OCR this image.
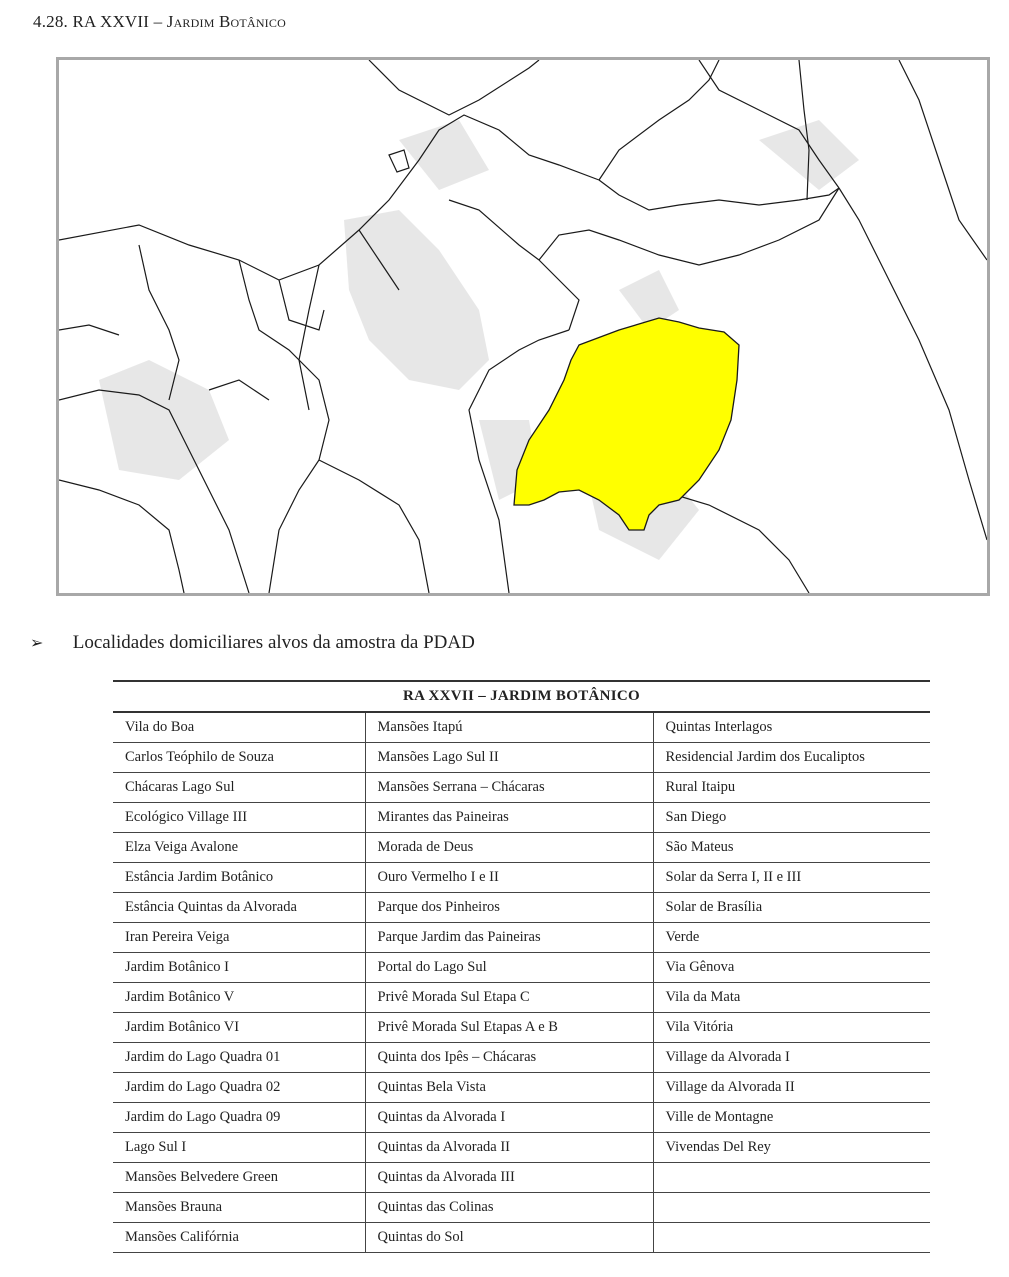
4.28. RA XXVII – Jardim Botânico
➢ Localidades domiciliares alvos da amostra da PDAD
RA XXVII – JARDIM BOTÂNICO		
Vila do Boa	Mansões Itapú	Quintas Interlagos
Carlos Teóphilo de Souza	Mansões Lago Sul II	Residencial Jardim dos Eucaliptos
Chácaras Lago Sul	Mansões Serrana – Chácaras	Rural Itaipu
Ecológico Village III	Mirantes das Paineiras	San Diego
Elza Veiga Avalone	Morada de Deus	São Mateus
Estância Jardim Botânico	Ouro Vermelho I e II	Solar da Serra I, II e III
Estância Quintas da Alvorada	Parque dos Pinheiros	Solar de Brasília
Iran Pereira Veiga	Parque Jardim das Paineiras	Verde
Jardim Botânico I	Portal do Lago Sul	Via Gênova
Jardim Botânico V	Privê Morada Sul Etapa C	Vila da Mata
Jardim Botânico VI	Privê Morada Sul Etapas A e B	Vila Vitória
Jardim do Lago Quadra 01	Quinta dos Ipês – Chácaras	Village da Alvorada I
Jardim do Lago Quadra 02	Quintas Bela Vista	Village da Alvorada II
Jardim do Lago Quadra 09	Quintas da Alvorada I	Ville de Montagne
Lago Sul I	Quintas da Alvorada II	Vivendas Del Rey
Mansões Belvedere Green	Quintas da Alvorada III	
Mansões Brauna	Quintas das Colinas	
Mansões Califórnia	Quintas do Sol	
